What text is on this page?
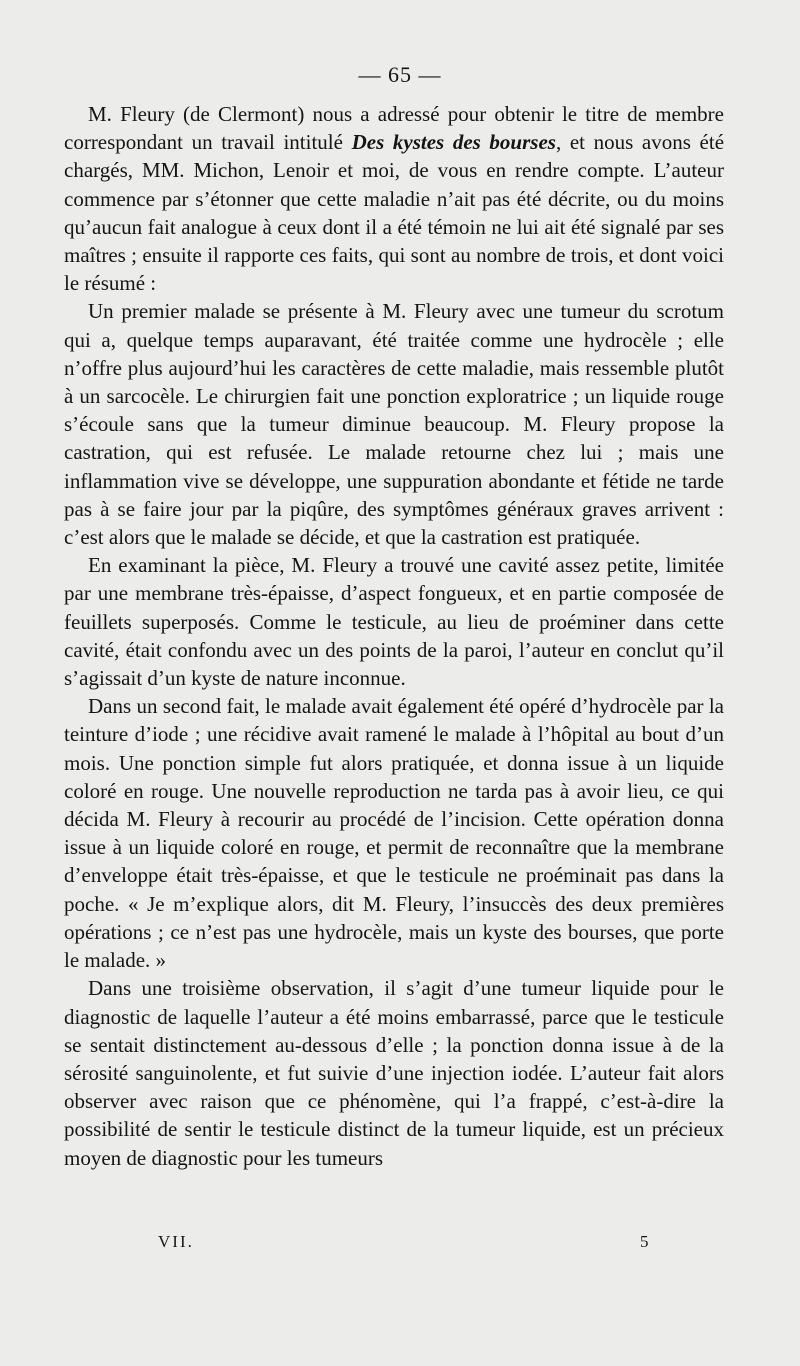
— 65 —

M. Fleury (de Clermont) nous a adressé pour obtenir le titre de membre correspondant un travail intitulé Des kystes des bourses, et nous avons été chargés, MM. Michon, Lenoir et moi, de vous en rendre compte. L’auteur commence par s’étonner que cette maladie n’ait pas été décrite, ou du moins qu’aucun fait analogue à ceux dont il a été témoin ne lui ait été signalé par ses maîtres ; ensuite il rapporte ces faits, qui sont au nombre de trois, et dont voici le résumé :

Un premier malade se présente à M. Fleury avec une tumeur du scrotum qui a, quelque temps auparavant, été traitée comme une hydrocèle ; elle n’offre plus aujourd’hui les caractères de cette maladie, mais ressemble plutôt à un sarcocèle. Le chirurgien fait une ponction exploratrice ; un liquide rouge s’écoule sans que la tumeur diminue beaucoup. M. Fleury propose la castration, qui est refusée. Le malade retourne chez lui ; mais une inflammation vive se développe, une suppuration abondante et fétide ne tarde pas à se faire jour par la piqûre, des symptômes généraux graves arrivent : c’est alors que le malade se décide, et que la castration est pratiquée.

En examinant la pièce, M. Fleury a trouvé une cavité assez petite, limitée par une membrane très-épaisse, d’aspect fongueux, et en partie composée de feuillets superposés. Comme le testicule, au lieu de proéminer dans cette cavité, était confondu avec un des points de la paroi, l’auteur en conclut qu’il s’agissait d’un kyste de nature inconnue.

Dans un second fait, le malade avait également été opéré d’hydrocèle par la teinture d’iode ; une récidive avait ramené le malade à l’hôpital au bout d’un mois. Une ponction simple fut alors pratiquée, et donna issue à un liquide coloré en rouge. Une nouvelle reproduction ne tarda pas à avoir lieu, ce qui décida M. Fleury à recourir au procédé de l’incision. Cette opération donna issue à un liquide coloré en rouge, et permit de reconnaître que la membrane d’enveloppe était très-épaisse, et que le testicule ne proéminait pas dans la poche. « Je m’explique alors, dit M. Fleury, l’insuccès des deux premières opérations ; ce n’est pas une hydrocèle, mais un kyste des bourses, que porte le malade. »

Dans une troisième observation, il s’agit d’une tumeur liquide pour le diagnostic de laquelle l’auteur a été moins embarrassé, parce que le testicule se sentait distinctement au-dessous d’elle ; la ponction donna issue à de la sérosité sanguinolente, et fut suivie d’une injection iodée. L’auteur fait alors observer avec raison que ce phénomène, qui l’a frappé, c’est-à-dire la possibilité de sentir le testicule distinct de la tumeur liquide, est un précieux moyen de diagnostic pour les tumeurs

VII.	5
